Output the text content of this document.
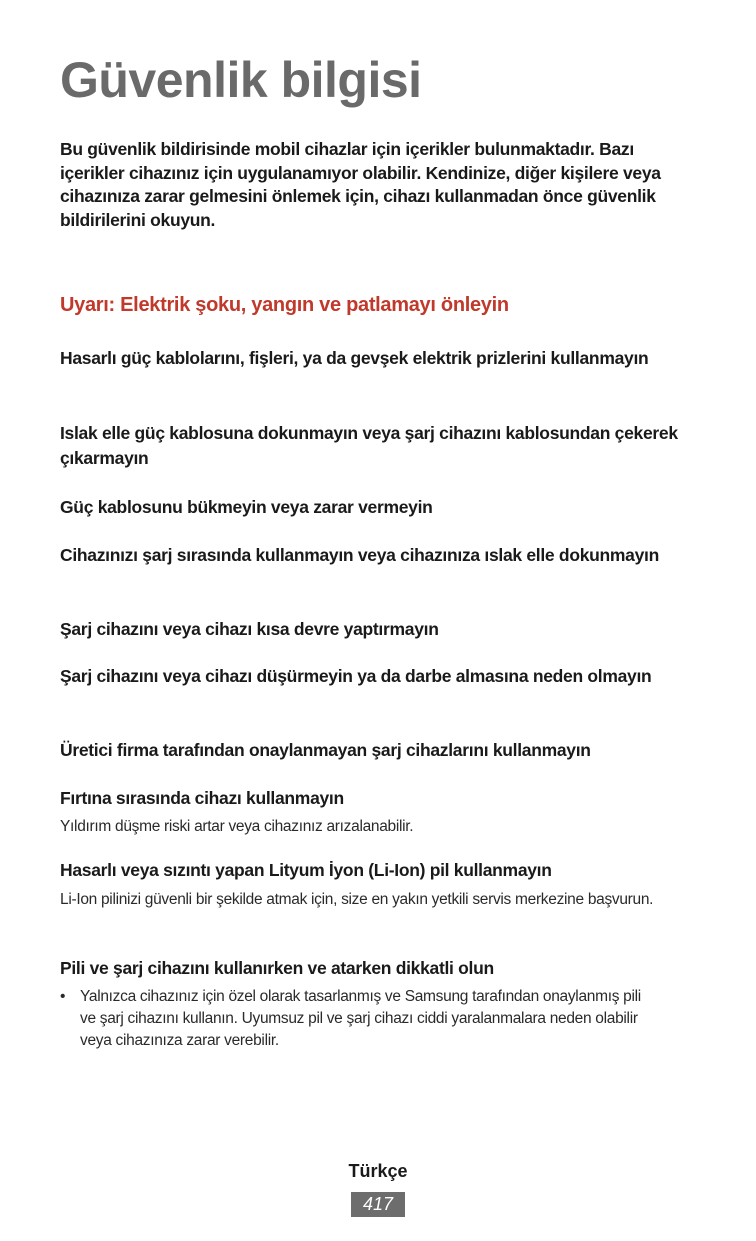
Güvenlik bilgisi
Bu güvenlik bildirisinde mobil cihazlar için içerikler bulunmaktadır. Bazı içerikler cihazınız için uygulanamıyor olabilir. Kendinize, diğer kişilere veya cihazınıza zarar gelmesini önlemek için, cihazı kullanmadan önce güvenlik bildirilerini okuyun.
Uyarı: Elektrik şoku, yangın ve patlamayı önleyin
Hasarlı güç kablolarını, fişleri, ya da gevşek elektrik prizlerini kullanmayın
Islak elle güç kablosuna dokunmayın veya şarj cihazını kablosundan çekerek çıkarmayın
Güç kablosunu bükmeyin veya zarar vermeyin
Cihazınızı şarj sırasında kullanmayın veya cihazınıza ıslak elle dokunmayın
Şarj cihazını veya cihazı kısa devre yaptırmayın
Şarj cihazını veya cihazı düşürmeyin ya da darbe almasına neden olmayın
Üretici firma tarafından onaylanmayan şarj cihazlarını kullanmayın
Fırtına sırasında cihazı kullanmayın
Yıldırım düşme riski artar veya cihazınız arızalanabilir.
Hasarlı veya sızıntı yapan Lityum İyon (Li-Ion) pil kullanmayın
Li-Ion pilinizi güvenli bir şekilde atmak için, size en yakın yetkili servis merkezine başvurun.
Pili ve şarj cihazını kullanırken ve atarken dikkatli olun
• Yalnızca cihazınız için özel olarak tasarlanmış ve Samsung tarafından onaylanmış pili ve şarj cihazını kullanın. Uyumsuz pil ve şarj cihazı ciddi yaralanmalara neden olabilir veya cihazınıza zarar verebilir.
Türkçe
417
